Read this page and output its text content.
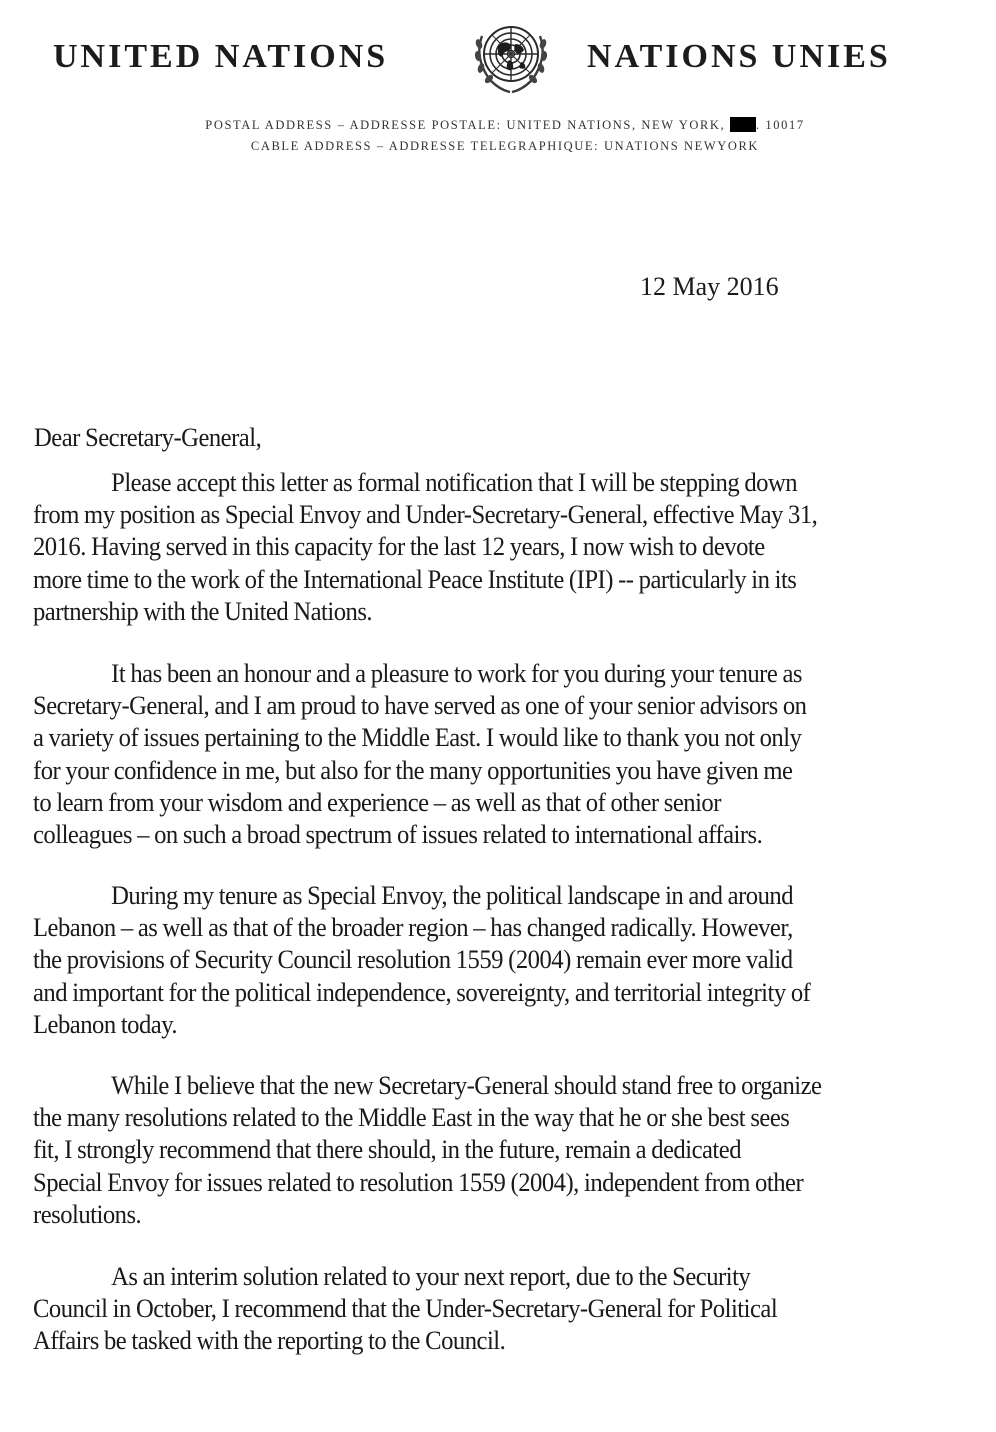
UNITED NATIONS	NATIONS UNIES
POSTAL ADDRESS – ADDRESSE POSTALE: UNITED NATIONS, NEW YORK, . 10017
CABLE ADDRESS – ADDRESSE TELEGRAPHIQUE: UNATIONS NEWYORK
12 May 2016
Dear Secretary-General,
Please accept this letter as formal notification that I will be stepping down
from my position as Special Envoy and Under-Secretary-General, effective May 31,
2016. Having served in this capacity for the last 12 years, I now wish to devote
more time to the work of the International Peace Institute (IPI) -- particularly in its
partnership with the United Nations.
It has been an honour and a pleasure to work for you during your tenure as
Secretary-General, and I am proud to have served as one of your senior advisors on
a variety of issues pertaining to the Middle East. I would like to thank you not only
for your confidence in me, but also for the many opportunities you have given me
to learn from your wisdom and experience – as well as that of other senior
colleagues – on such a broad spectrum of issues related to international affairs.
During my tenure as Special Envoy, the political landscape in and around
Lebanon – as well as that of the broader region – has changed radically. However,
the provisions of Security Council resolution 1559 (2004) remain ever more valid
and important for the political independence, sovereignty, and territorial integrity of
Lebanon today.
While I believe that the new Secretary-General should stand free to organize
the many resolutions related to the Middle East in the way that he or she best sees
fit, I strongly recommend that there should, in the future, remain a dedicated
Special Envoy for issues related to resolution 1559 (2004), independent from other
resolutions.
As an interim solution related to your next report, due to the Security
Council in October, I recommend that the Under-Secretary-General for Political
Affairs be tasked with the reporting to the Council.
